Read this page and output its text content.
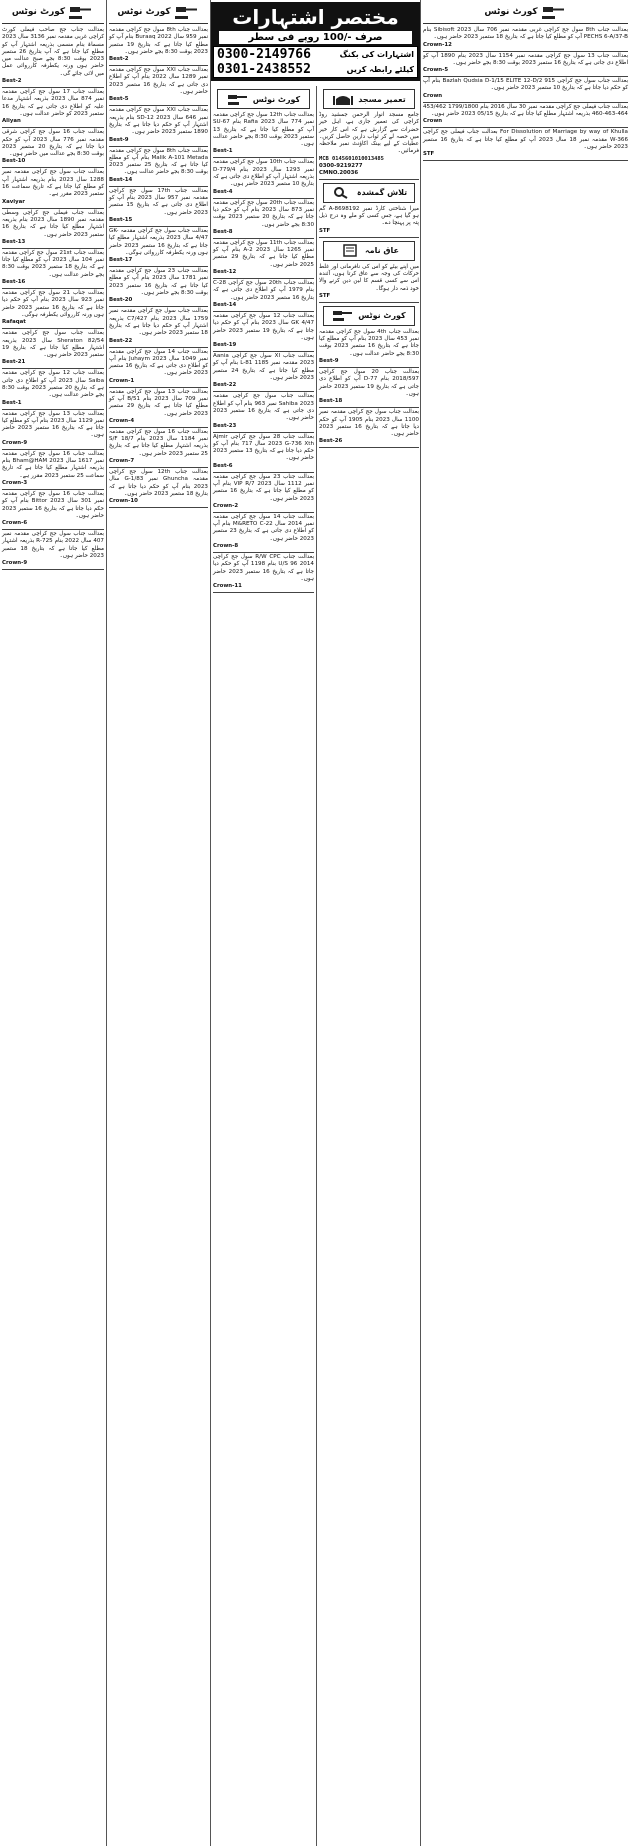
کورٹ نوٹس
بعدالت جناب جج صاحب فیملی کورٹ کراچی غربی مقدمہ نمبر 3136 سال 2023 مسماۃ بنام مسمی بذریعہ اشتہار آپ کو مطلع کیا جاتا ہے کہ آپ بتاریخ 26 ستمبر 2023 بوقت 8:30 بجے صبح عدالت میں حاضر ہوں ورنہ یکطرفہ کارروائی عمل میں لائی جائے گی۔
Best-2
بعدالت جناب 17 سول جج کراچی مقدمہ نمبر 874 سال 2023 بذریعہ اشتہار مدعا علیہ کو اطلاع دی جاتی ہے کہ بتاریخ 16 ستمبر 2023 کو حاضر عدالت ہوں۔
Aliyan
بعدالت جناب 16 سول جج کراچی شرقی مقدمہ نمبر 776 سال 2023 آپ کو حکم دیا جاتا ہے کہ بتاریخ 20 ستمبر 2023 بوقت 8:30 بجے عدالت میں حاضر ہوں۔
Best-10
بعدالت جناب سول جج کراچی مقدمہ نمبر 1288 سال 2023 بنام بذریعہ اشتہار آپ کو مطلع کیا جاتا ہے کہ تاریخ سماعت 16 ستمبر 2023 مقرر ہے۔
Xaviyar
بعدالت جناب فیملی جج کراچی وسطی مقدمہ نمبر 1890 سال 2023 بنام بذریعہ اشتہار مطلع کیا جاتا ہے کہ بتاریخ 16 ستمبر 2023 حاضر ہوں۔
Best-13
بعدالت جناب 21st سول جج کراچی مقدمہ نمبر 104 سال 2023 آپ کو مطلع کیا جاتا ہے کہ بتاریخ 18 ستمبر 2023 بوقت 8:30 بجے حاضر عدالت ہوں۔
Best-16
بعدالت جناب 21 سول جج کراچی مقدمہ نمبر 923 سال 2023 بنام آپ کو حکم دیا جاتا ہے کہ بتاریخ 16 ستمبر 2023 حاضر ہوں ورنہ کارروائی یکطرفہ ہوگی۔
Rafaqat
بعدالت جناب سول جج کراچی مقدمہ Sheraton 82/54 سال 2023 بذریعہ اشتہار مطلع کیا جاتا ہے کہ بتاریخ 19 ستمبر 2023 حاضر ہوں۔
Best-21
بعدالت جناب 12 سول جج کراچی مقدمہ Saiba سال 2023 آپ کو اطلاع دی جاتی ہے کہ بتاریخ 20 ستمبر 2023 بوقت 8:30 بجے حاضر عدالت ہوں۔
Best-1
بعدالت جناب 13 سول جج کراچی مقدمہ نمبر 1129 سال 2023 بنام آپ کو مطلع کیا جاتا ہے کہ بتاریخ 16 ستمبر 2023 حاضر ہوں۔
Crown-9
بعدالت جناب 16 سول جج کراچی مقدمہ نمبر 1617 سال 2023 Bham@HAM بنام بذریعہ اشتہار مطلع کیا جاتا ہے کہ تاریخ سماعت 25 ستمبر 2023 مقرر ہے۔
Crown-3
بعدالت جناب 16 سول جج کراچی مقدمہ نمبر 301 سال 2023 Bittor بنام آپ کو حکم دیا جاتا ہے کہ بتاریخ 16 ستمبر 2023 حاضر ہوں۔
Crown-6
بعدالت جناب سول جج کراچی مقدمہ نمبر 407 سال 2022 بنام 725-R بذریعہ اشتہار مطلع کیا جاتا ہے کہ بتاریخ 18 ستمبر 2023 حاضر ہوں۔
Crown-9
کورٹ نوٹس
بعدالت جناب 8th سول جج کراچی مقدمہ نمبر 959 سال 2022 Buraaq بنام آپ کو مطلع کیا جاتا ہے کہ بتاریخ 19 ستمبر 2023 بوقت 8:30 بجے حاضر ہوں۔
Best-2
بعدالت جناب XXI سول جج کراچی مقدمہ نمبر 1289 سال 2022 بنام آپ کو اطلاع دی جاتی ہے کہ بتاریخ 16 ستمبر 2023 حاضر ہوں۔
Best-5
بعدالت جناب XXI سول جج کراچی مقدمہ نمبر 646 سال 2023 SD-12 بنام بذریعہ اشتہار آپ کو حکم دیا جاتا ہے کہ بتاریخ 1890 ستمبر 2023 حاضر ہوں۔
Best-9
بعدالت جناب 8th سول جج کراچی مقدمہ Malik A-101 Metada بنام آپ کو مطلع کیا جاتا ہے کہ بتاریخ 25 ستمبر 2023 بوقت 8:30 بجے حاضر عدالت ہوں۔
Best-14
بعدالت جناب 17th سول جج کراچی مقدمہ نمبر 957 سال 2023 بنام آپ کو اطلاع دی جاتی ہے کہ بتاریخ 15 ستمبر 2023 حاضر ہوں۔
Best-15
بعدالت جناب سول جج کراچی مقدمہ GK-4/47 سال 2023 بذریعہ اشتہار مطلع کیا جاتا ہے کہ بتاریخ 16 ستمبر 2023 حاضر ہوں ورنہ یکطرفہ کارروائی ہوگی۔
Best-17
بعدالت جناب 23 سول جج کراچی مقدمہ نمبر 1781 سال 2023 بنام آپ کو مطلع کیا جاتا ہے کہ بتاریخ 16 ستمبر 2023 بوقت 8:30 بجے حاضر ہوں۔
Best-20
بعدالت جناب سول جج کراچی مقدمہ نمبر 1759 سال 2023 بنام 427/C7 بذریعہ اشتہار آپ کو حکم دیا جاتا ہے کہ بتاریخ 18 ستمبر 2023 حاضر ہوں۔
Best-22
بعدالت جناب 14 سول جج کراچی مقدمہ نمبر 1049 سال 2023 Juhaym بنام آپ کو اطلاع دی جاتی ہے کہ بتاریخ 16 ستمبر 2023 حاضر ہوں۔
Crown-1
بعدالت جناب 13 سول جج کراچی مقدمہ نمبر 709 سال 2023 بنام 51/B آپ کو مطلع کیا جاتا ہے کہ بتاریخ 29 ستمبر 2023 حاضر ہوں۔
Crown-4
بعدالت جناب 16 سول جج کراچی مقدمہ نمبر 1184 سال 2023 بنام 18/7 S/F بذریعہ اشتہار مطلع کیا جاتا ہے کہ بتاریخ 25 ستمبر 2023 حاضر ہوں۔
Crown-7
بعدالت جناب 12th سول جج کراچی مقدمہ Ghuncha نمبر G-1/83 سال 2023 بنام آپ کو حکم دیا جاتا ہے کہ بتاریخ 18 ستمبر 2023 حاضر ہوں۔
Crown-10
مختصر اشتہارات
صرف -/100 روپے فی سطر
0300-2149766	اشتہارات کی بکنگ
0301-2438552	کیلئے رابطہ کریں
کورٹ نوٹس
بعدالت جناب 12th سول جج کراچی مقدمہ نمبر 774 سال 2023 Rafia بنام SU-67 آپ کو مطلع کیا جاتا ہے کہ بتاریخ 13 ستمبر 2023 بوقت 8:30 بجے حاضر عدالت ہوں۔
Best-1
بعدالت جناب 10th سول جج کراچی مقدمہ نمبر 1293 سال 2023 بنام 779/4-D بذریعہ اشتہار آپ کو اطلاع دی جاتی ہے کہ بتاریخ 10 ستمبر 2023 حاضر ہوں۔
Best-4
بعدالت جناب 20th سول جج کراچی مقدمہ نمبر 873 سال 2023 بنام آپ کو حکم دیا جاتا ہے کہ بتاریخ 20 ستمبر 2023 بوقت 8:30 بجے حاضر ہوں۔
Best-8
بعدالت جناب 11th سول جج کراچی مقدمہ نمبر 1265 سال 2023 A-2 بنام آپ کو مطلع کیا جاتا ہے کہ بتاریخ 29 ستمبر 2025 حاضر ہوں۔
Best-12
بعدالت جناب 20th سول جج کراچی C-28 بنام 1979 آپ کو اطلاع دی جاتی ہے کہ بتاریخ 16 ستمبر 2023 حاضر ہوں۔
Best-14
بعدالت جناب 12 سول جج کراچی مقدمہ GK 4/47 سال 2023 بنام آپ کو حکم دیا جاتا ہے کہ بتاریخ 19 ستمبر 2023 حاضر ہوں۔
Best-19
بعدالت جناب XI سول جج کراچی Aania 2023 مقدمہ نمبر 1185 L-81 بنام آپ کو مطلع کیا جاتا ہے کہ بتاریخ 24 ستمبر 2023 حاضر ہوں۔
Best-22
بعدالت جناب سول جج کراچی مقدمہ Sahiba 2023 نمبر 963 بنام آپ کو اطلاع دی جاتی ہے کہ بتاریخ 16 ستمبر 2023 حاضر ہوں۔
Best-23
بعدالت جناب 28 سول جج کراچی Ajmir 2023 G-736 Xth سال 717 بنام آپ کو حکم دیا جاتا ہے کہ بتاریخ 13 ستمبر 2023 حاضر ہوں۔
Best-6
بعدالت جناب 23 سول جج کراچی مقدمہ نمبر 1112 سال 2023 VIP R/7 بنام آپ کو مطلع کیا جاتا ہے کہ بتاریخ 16 ستمبر 2023 حاضر ہوں۔
Crown-2
بعدالت جناب 14 سول جج کراچی مقدمہ نمبر 2014 سال M&RETO C-22 بنام آپ کو اطلاع دی جاتی ہے کہ بتاریخ 23 ستمبر 2023 حاضر ہوں۔
Crown-8
بعدالت جناب R/W CPC سول جج کراچی U/S 96 2014 بنام 1198 آپ کو حکم دیا جاتا ہے کہ بتاریخ 16 ستمبر 2023 حاضر ہوں۔
Crown-11
تعمیر مسجد
جامع مسجد انوار الرحمن جمشید روڈ کراچی کی تعمیر جاری ہے، اہل خیر حضرات سے گزارش ہے کہ اس کار خیر میں حصہ لے کر ثواب دارین حاصل کریں۔ عطیات کے لیے بینک اکاؤنٹ نمبر ملاحظہ فرمائیں۔
MCB 0145601010013485
0300-9219277
CMNO.20036
تلاش گمشدہ
میرا شناختی کارڈ نمبر 8698192-A گم ہو گیا ہے، جس کسی کو ملے وہ درج ذیل پتہ پر پہنچا دے۔
STF
عاق نامہ
میں اپنے بیٹے کو اس کی نافرمانی اور غلط حرکات کی وجہ سے عاق کرتا ہوں، آئندہ اس سے کسی قسم کا لین دین کرنے والا خود ذمہ دار ہوگا۔
STF
کورٹ نوٹس
بعدالت جناب 4th سول جج کراچی مقدمہ نمبر 453 سال 2023 بنام آپ کو مطلع کیا جاتا ہے کہ بتاریخ 16 ستمبر 2023 بوقت 8:30 بجے حاضر عدالت ہوں۔
Best-9
بعدالت جناب 20 سول جج کراچی 2018/597 بنام D-77 آپ کو اطلاع دی جاتی ہے کہ بتاریخ 19 ستمبر 2023 حاضر ہوں۔
Best-18
بعدالت جناب سول جج کراچی مقدمہ نمبر 1100 سال 2023 بنام 1905 آپ کو حکم دیا جاتا ہے کہ بتاریخ 16 ستمبر 2023 حاضر ہوں۔
Best-26
کورٹ نوٹس
بعدالت جناب 8th سول جج کراچی غربی مقدمہ نمبر 706 سال 2023 Sibisoft بنام PECHS 6-A/37-B آپ کو مطلع کیا جاتا ہے کہ بتاریخ 18 ستمبر 2023 حاضر ہوں۔
Crown-12
بعدالت جناب 13 سول جج کراچی مقدمہ نمبر 1154 سال 2023 بنام 1890 آپ کو اطلاع دی جاتی ہے کہ بتاریخ 16 ستمبر 2023 بوقت 8:30 بجے حاضر ہوں۔
Crown-5
بعدالت جناب سول جج کراچی 915 Bazlah Qudsia D-1/15 ELITE 12-D/2 بنام آپ کو حکم دیا جاتا ہے کہ بتاریخ 10 ستمبر 2023 حاضر ہوں۔
Crown
بعدالت جناب فیملی جج کراچی مقدمہ نمبر 30 سال 2016 بنام 1799/1800 453/462 464-463-460 بذریعہ اشتہار مطلع کیا جاتا ہے کہ بتاریخ 05/15 2023 حاضر ہوں۔
Crown
For Dissolution of Marriage by way of Khulla بعدالت جناب فیملی جج کراچی W-366 مقدمہ نمبر 18 سال 2023 آپ کو مطلع کیا جاتا ہے کہ بتاریخ 16 ستمبر 2023 حاضر ہوں۔
STF
